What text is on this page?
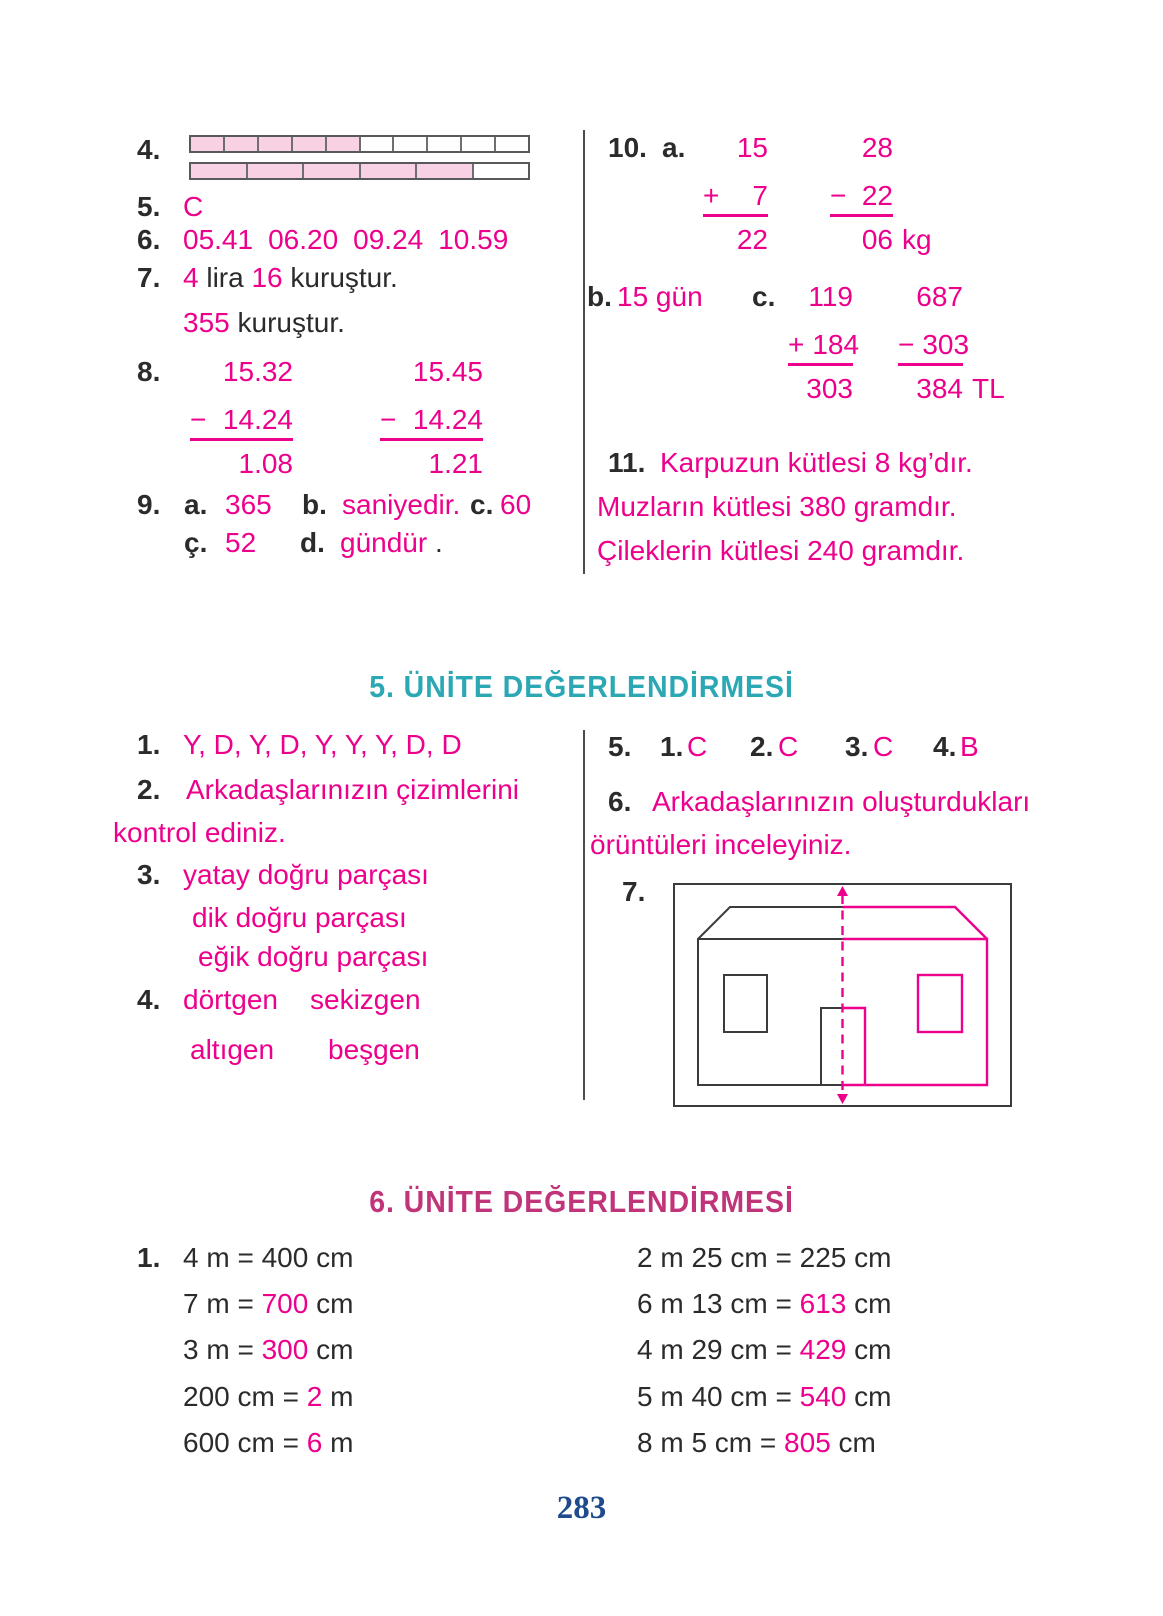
4.
5. C
6. 05.41 06.20 09.24 10.59
7. 4 lira 16 kuruştur.
355 kuruştur.
8.	15.32
− 14.24
1.08
15.45
− 14.24
1.21
9. a. 365 b. saniyedir. c. 60
ç. 52 d. gündür .
10. a.	15
+ 7
22
28
− 22
06 kg
b. 15 gün c.	119
+ 184
303
687
− 303
384 TL
11. Karpuzun kütlesi 8 kg’dır.
Muzların kütlesi 380 gramdır.
Çileklerin kütlesi 240 gramdır.
5. ÜNİTE DEĞERLENDİRMESİ
1. Y, D, Y, D, Y, Y, Y, D, D
2. Arkadaşlarınızın çizimlerini
kontrol ediniz.
3. yatay doğru parçası
dik doğru parçası
eğik doğru parçası
4. dörtgen sekizgen
altıgen beşgen
5. 1. C 2. C 3. C 4. B
6. Arkadaşlarınızın oluşturdukları
örüntüleri inceleyiniz.
7.
6. ÜNİTE DEĞERLENDİRMESİ
1. 4 m = 400 cm
7 m = 700 cm
3 m = 300 cm
200 cm = 2 m
600 cm = 6 m
2 m 25 cm = 225 cm
6 m 13 cm = 613 cm
4 m 29 cm = 429 cm
5 m 40 cm = 540 cm
8 m 5 cm = 805 cm
283
